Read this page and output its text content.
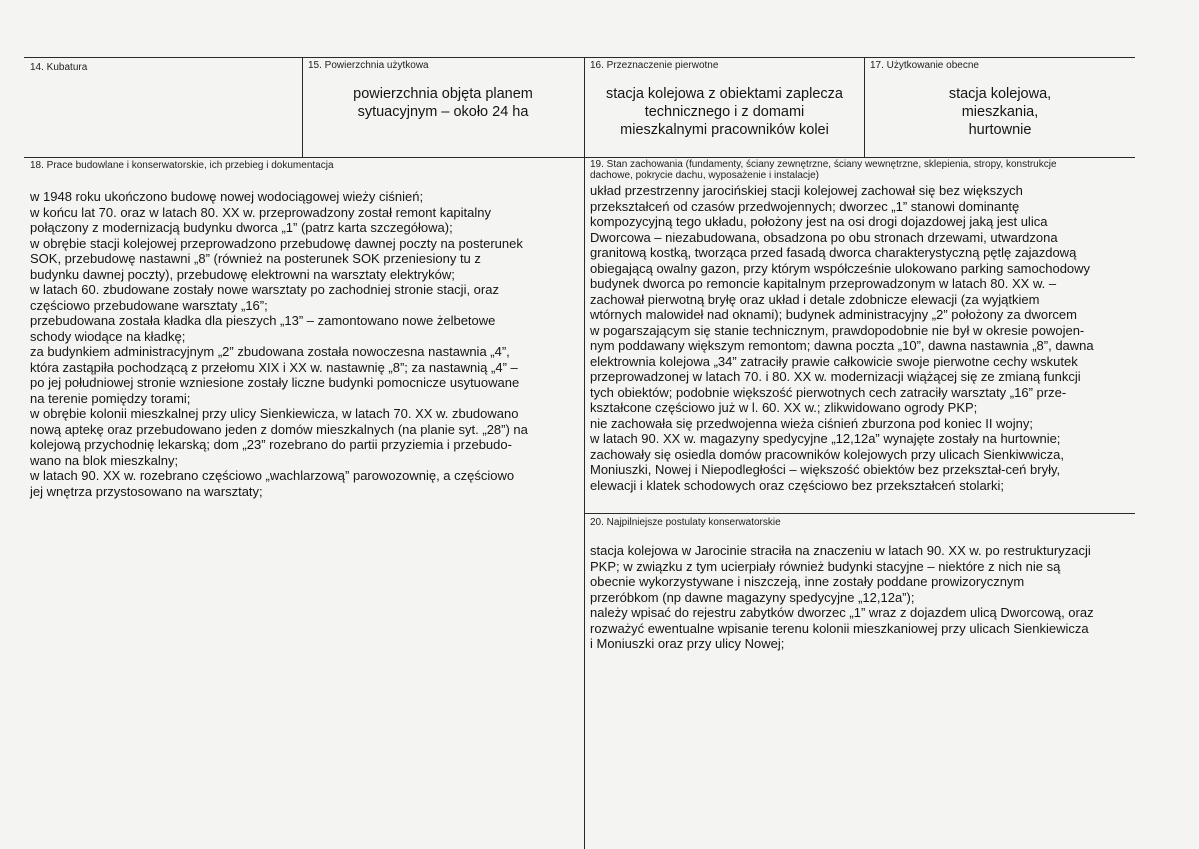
14. Kubatura	15. Powierzchnia użytkowa
powierzchnia objęta planem
sytuacyjnym – około 24 ha
16. Przeznaczenie pierwotne
stacja kolejowa z obiektami zaplecza
technicznego i z domami
mieszkalnymi pracowników kolei
17. Użytkowanie obecne
stacja kolejowa,
mieszkania,
hurtownie
18. Prace budowlane i konserwatorskie, ich przebieg i dokumentacja
w 1948 roku ukończono budowę nowej wodociągowej wieży ciśnień;
w końcu lat 70. oraz w latach 80. XX w. przeprowadzony został remont kapitalny
połączony z modernizacją budynku dworca „1” (patrz karta szczegółowa);
w obrębie stacji kolejowej przeprowadzono przebudowę dawnej poczty na posterunek
SOK, przebudowę nastawni „8” (również na posterunek SOK przeniesiony tu z
budynku dawnej poczty), przebudowę elektrowni na warsztaty elektryków;
w latach 60. zbudowane zostały nowe warsztaty po zachodniej stronie stacji, oraz
częściowo przebudowane warsztaty „16”;
przebudowana została kładka dla pieszych „13” – zamontowano nowe żelbetowe
schody wiodące na kładkę;
za budynkiem administracyjnym „2” zbudowana została nowoczesna nastawnia „4”,
która zastąpiła pochodzącą z przełomu XIX i XX w. nastawnię „8”; za nastawnią „4” –
po jej południowej stronie wzniesione zostały liczne budynki pomocnicze usytuowane
na terenie pomiędzy torami;
w obrębie kolonii mieszkalnej przy ulicy Sienkiewicza, w latach 70. XX w. zbudowano
nową aptekę oraz przebudowano jeden z domów mieszkalnych (na planie syt. „28”) na
kolejową przychodnię lekarską; dom „23” rozebrano do partii przyziemia i przebudo-
wano na blok mieszkalny;
w latach 90. XX w. rozebrano częściowo „wachlarzową” parowozownię, a częściowo
jej wnętrza przystosowano na warsztaty;
19. Stan zachowania (fundamenty, ściany zewnętrzne, ściany wewnętrzne, sklepienia, stropy, konstrukcje
dachowe, pokrycie dachu, wyposażenie i instalacje)
układ przestrzenny jarocińskiej stacji kolejowej zachował się bez większych
przekształceń od czasów przedwojennych; dworzec „1” stanowi dominantę
kompozycyjną tego układu, położony jest na osi drogi dojazdowej jaką jest ulica
Dworcowa – niezabudowana, obsadzona po obu stronach drzewami, utwardzona
granitową kostką, tworząca przed fasadą dworca charakterystyczną pętlę zajazdową
obiegającą owalny gazon, przy którym współcześnie ulokowano parking samochodowy
budynek dworca po remoncie kapitalnym przeprowadzonym w latach 80. XX w. –
zachował pierwotną bryłę oraz układ i detale zdobnicze elewacji (za wyjątkiem
wtórnych malowideł nad oknami); budynek administracyjny „2” położony za dworcem
w pogarszającym się stanie technicznym, prawdopodobnie nie był w okresie powojen-
nym poddawany większym remontom; dawna poczta „10”, dawna nastawnia „8”, dawna
elektrownia kolejowa „34” zatraciły prawie całkowicie swoje pierwotne cechy wskutek
przeprowadzonej w latach 70. i 80. XX w. modernizacji wiążącej się ze zmianą funkcji
tych obiektów; podobnie większość pierwotnych cech zatraciły warsztaty „16” prze-
kształcone częściowo już w l. 60. XX w.; zlikwidowano ogrody PKP;
nie zachowała się przedwojenna wieża ciśnień zburzona pod koniec II wojny;
w latach 90. XX w. magazyny spedycyjne „12,12a” wynajęte zostały na hurtownie;
zachowały się osiedla domów pracowników kolejowych przy ulicach Sienkiwwicza,
Moniuszki, Nowej i Niepodległości – większość obiektów bez przekształ-ceń bryły,
elewacji i klatek schodowych oraz częściowo bez przekształceń stolarki;
20. Najpilniejsze postulaty konserwatorskie
stacja kolejowa w Jarocinie straciła na znaczeniu w latach 90. XX w. po restrukturyzacji
PKP; w związku z tym ucierpiały również budynki stacyjne – niektóre z nich nie są
obecnie wykorzystywane i niszczeją, inne zostały poddane prowizorycznym
przeróbkom (np dawne magazyny spedycyjne „12,12a”);
należy wpisać do rejestru zabytków dworzec „1” wraz z dojazdem ulicą Dworcową, oraz
rozważyć ewentualne wpisanie terenu kolonii mieszkaniowej przy ulicach Sienkiewicza
i Moniuszki oraz przy ulicy Nowej;
